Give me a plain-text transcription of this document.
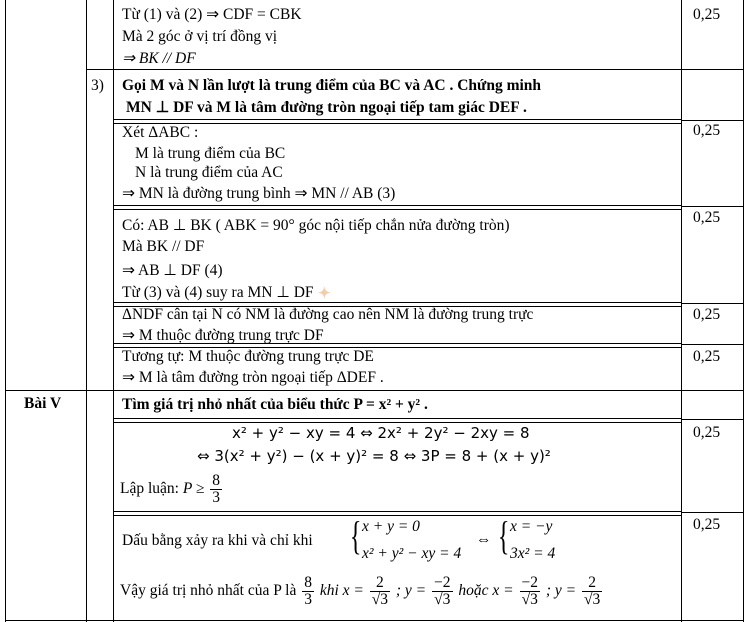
Từ (1) và (2) ⇒ CDF = CBK
Mà 2 góc ở vị trí đồng vị
⇒ BK // DF
0,25
3) Gọi M và N lần lượt là trung điểm của BC và AC . Chứng minh
MN ⊥ DF và M là tâm đường tròn ngoại tiếp tam giác DEF .
Xét ΔABC :
M là trung điểm của BC
N là trung điểm của AC
⇒ MN là đường trung bình ⇒ MN // AB (3)
0,25
Có: AB ⊥ BK ( ABK = 90° góc nội tiếp chắn nửa đường tròn)
Mà BK // DF
⇒ AB ⊥ DF (4)
Từ (3) và (4) suy ra MN ⊥ DF
0,25
✦
ΔNDF cân tại N có NM là đường cao nên NM là đường trung trực
⇒ M thuộc đường trung trực DF
0,25
Tương tự: M thuộc đường trung trực DE
⇒ M là tâm đường tròn ngoại tiếp ΔDEF .
0,25
Bài V	Tìm giá trị nhỏ nhất của biểu thức P = x² + y² .
x² + y² − xy = 4 ⇔ 2x² + 2y² − 2xy = 8
⇔ 3(x² + y²) − (x + y)² = 8 ⇔ 3P = 8 + (x + y)²
Lập luận: $P \ge \frac{8}{3}$
0,25
Dấu bằng xảy ra khi và chỉ khi { x + y = 0
x² + y² − xy = 4
⇔ { x = −y
3x² = 4
0,25
Vậy giá trị nhỏ nhất của P là $\frac{8}{3}$ khi $x = \frac{2}{√3}$ ; $y = \frac{-2}{√3}$ hoặc $x = \frac{-2}{√3}$ ; $y = \frac{2}{√3}$
